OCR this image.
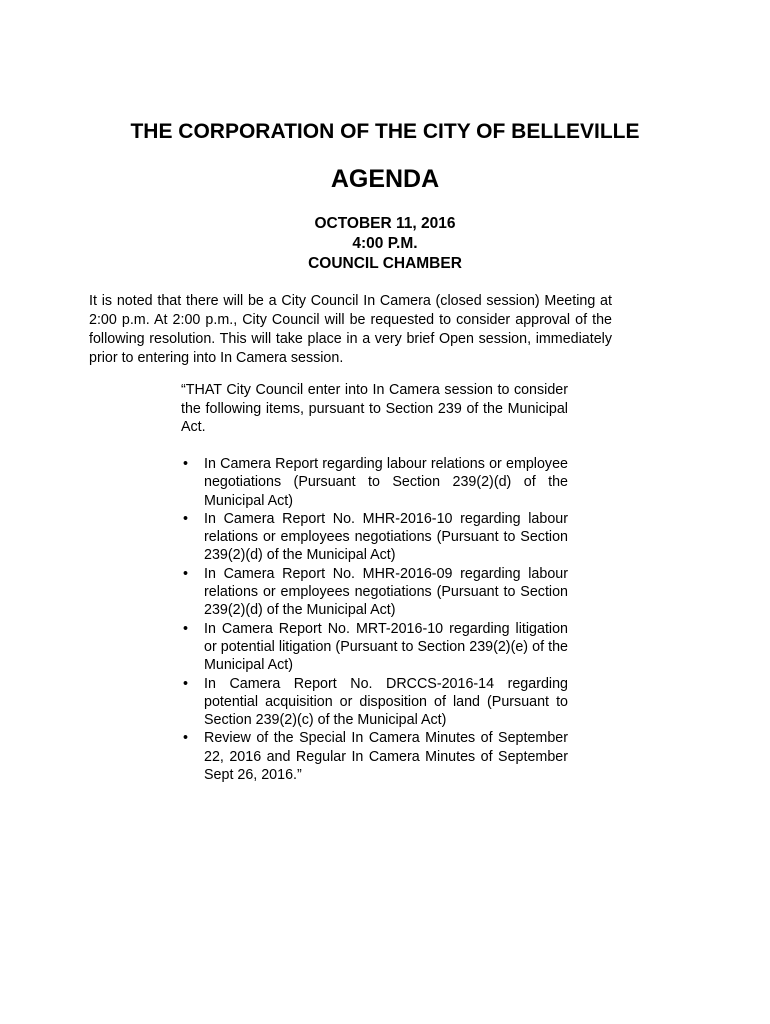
THE CORPORATION OF THE CITY OF BELLEVILLE
AGENDA
OCTOBER 11, 2016
4:00 P.M.
COUNCIL CHAMBER
It is noted that there will be a City Council In Camera (closed session) Meeting at 2:00 p.m. At 2:00 p.m., City Council will be requested to consider approval of the following resolution. This will take place in a very brief Open session, immediately prior to entering into In Camera session.
“THAT City Council enter into In Camera session to consider the following items, pursuant to Section 239 of the Municipal Act.
• In Camera Report regarding labour relations or employee negotiations (Pursuant to Section 239(2)(d) of the Municipal Act)
• In Camera Report No. MHR-2016-10 regarding labour relations or employees negotiations (Pursuant to Section 239(2)(d) of the Municipal Act)
• In Camera Report No. MHR-2016-09 regarding labour relations or employees negotiations (Pursuant to Section 239(2)(d) of the Municipal Act)
• In Camera Report No. MRT-2016-10 regarding litigation or potential litigation (Pursuant to Section 239(2)(e) of the Municipal Act)
• In Camera Report No. DRCCS-2016-14 regarding potential acquisition or disposition of land (Pursuant to Section 239(2)(c) of the Municipal Act)
• Review of the Special In Camera Minutes of September 22, 2016 and Regular In Camera Minutes of September Sept 26, 2016.”
